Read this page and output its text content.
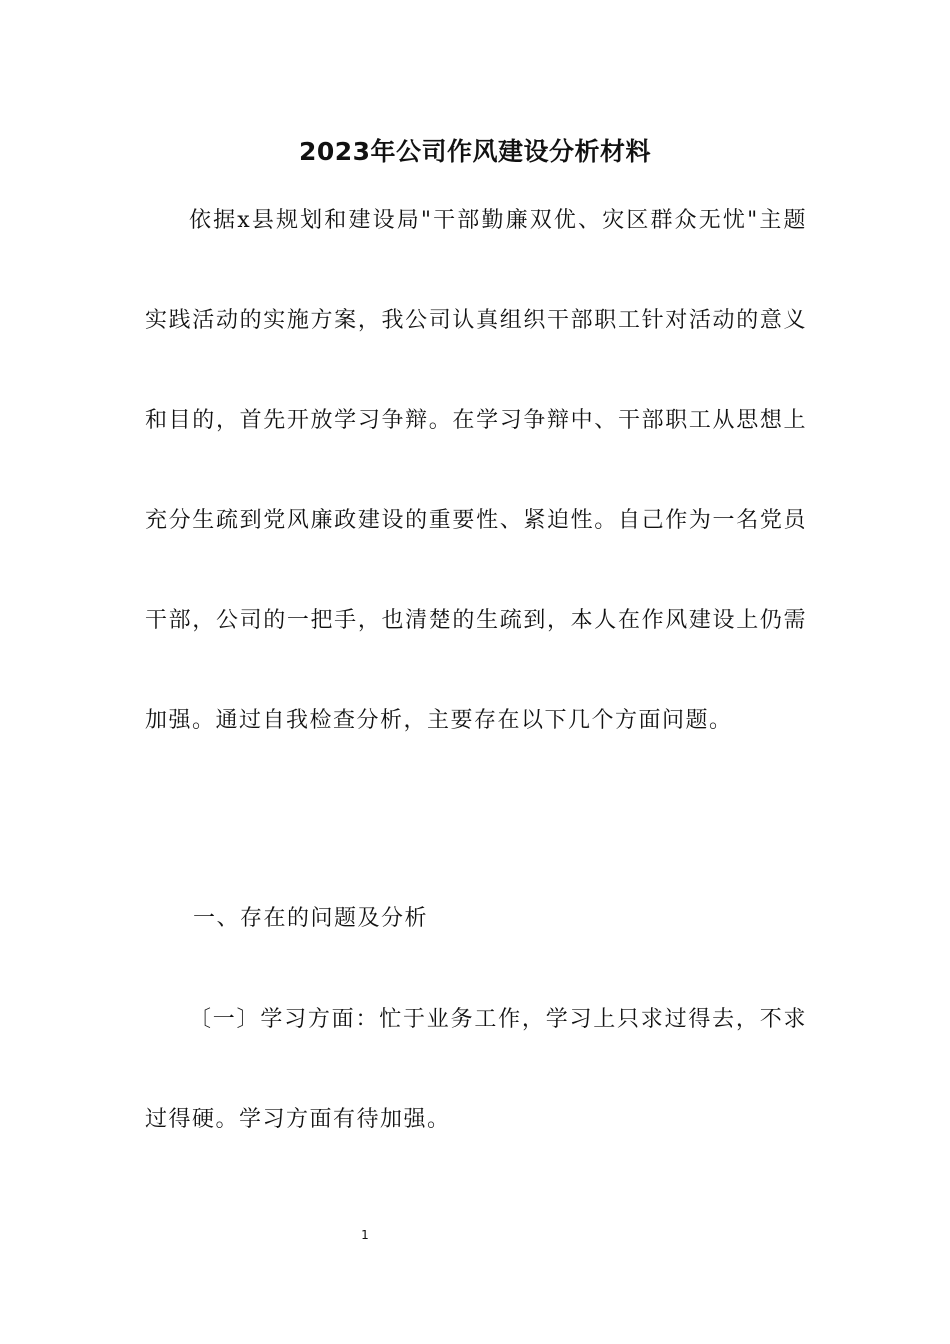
2023年公司作风建设分析材料

依据x县规划和建设局"干部勤廉双优、灾区群众无忧"主题实践活动的实施方案，我公司认真组织干部职工针对活动的意义和目的，首先开放学习争辩。在学习争辩中、干部职工从思想上充分生疏到党风廉政建设的重要性、紧迫性。自己作为一名党员干部，公司的一把手，也清楚的生疏到，本人在作风建设上仍需加强。通过自我检查分析，主要存在以下几个方面问题。

一、存在的问题及分析

〔一〕学习方面：忙于业务工作，学习上只求过得去，不求过得硬。学习方面有待加强。

1
